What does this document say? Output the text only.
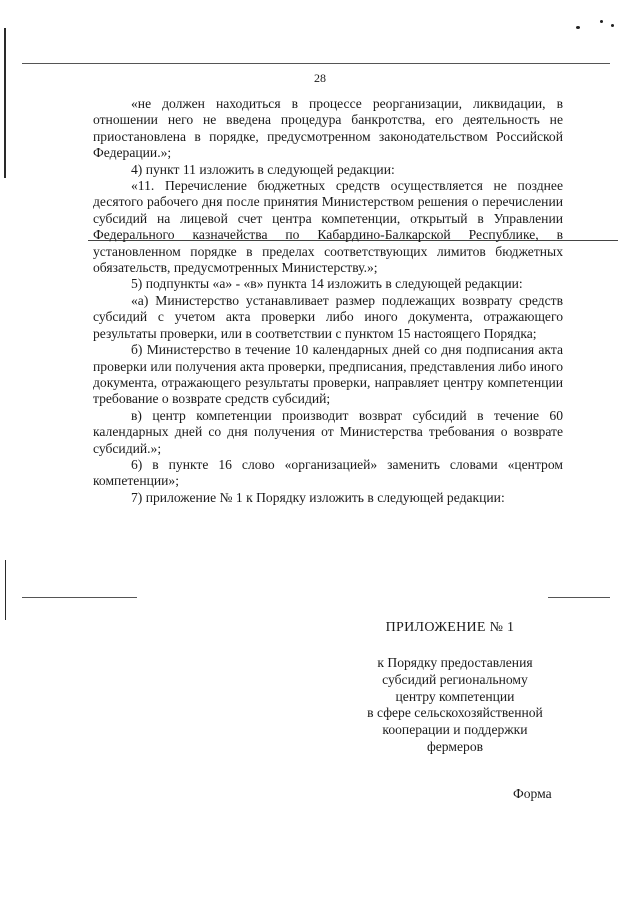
28

«не должен находиться в процессе реорганизации, ликвидации, в отношении него не введена процедура банкротства, его деятельность не приостановлена в порядке, предусмотренном законодательством Российской Федерации.»;

4) пункт 11 изложить в следующей редакции:

«11. Перечисление бюджетных средств осуществляется не позднее десятого рабочего дня после принятия Министерством решения о перечислении субсидий на лицевой счет центра компетенции, открытый в Управлении Федерального казначейства по Кабардино-Балкарской Республике, в установленном порядке в пределах соответствующих лимитов бюджетных обязательств, предусмотренных Министерству.»;

5) подпункты «а» - «в» пункта 14 изложить в следующей редакции:

«а) Министерство устанавливает размер подлежащих возврату средств субсидий с учетом акта проверки либо иного документа, отражающего результаты проверки, или в соответствии с пунктом 15 настоящего Порядка;

б) Министерство в течение 10 календарных дней со дня подписания акта проверки или получения акта проверки, предписания, представления либо иного документа, отражающего результаты проверки, направляет центру компетенции требование о возврате средств субсидий;

в) центр компетенции производит возврат субсидий в течение 60 календарных дней со дня получения от Министерства требования о возврате субсидий.»;

6) в пункте 16 слово «организацией» заменить словами «центром компетенции»;

7) приложение № 1 к Порядку изложить в следующей редакции:

ПРИЛОЖЕНИЕ № 1
к Порядку предоставления
субсидий региональному
центру компетенции
в сфере сельскохозяйственной
кооперации и поддержки
фермеров
Форма
